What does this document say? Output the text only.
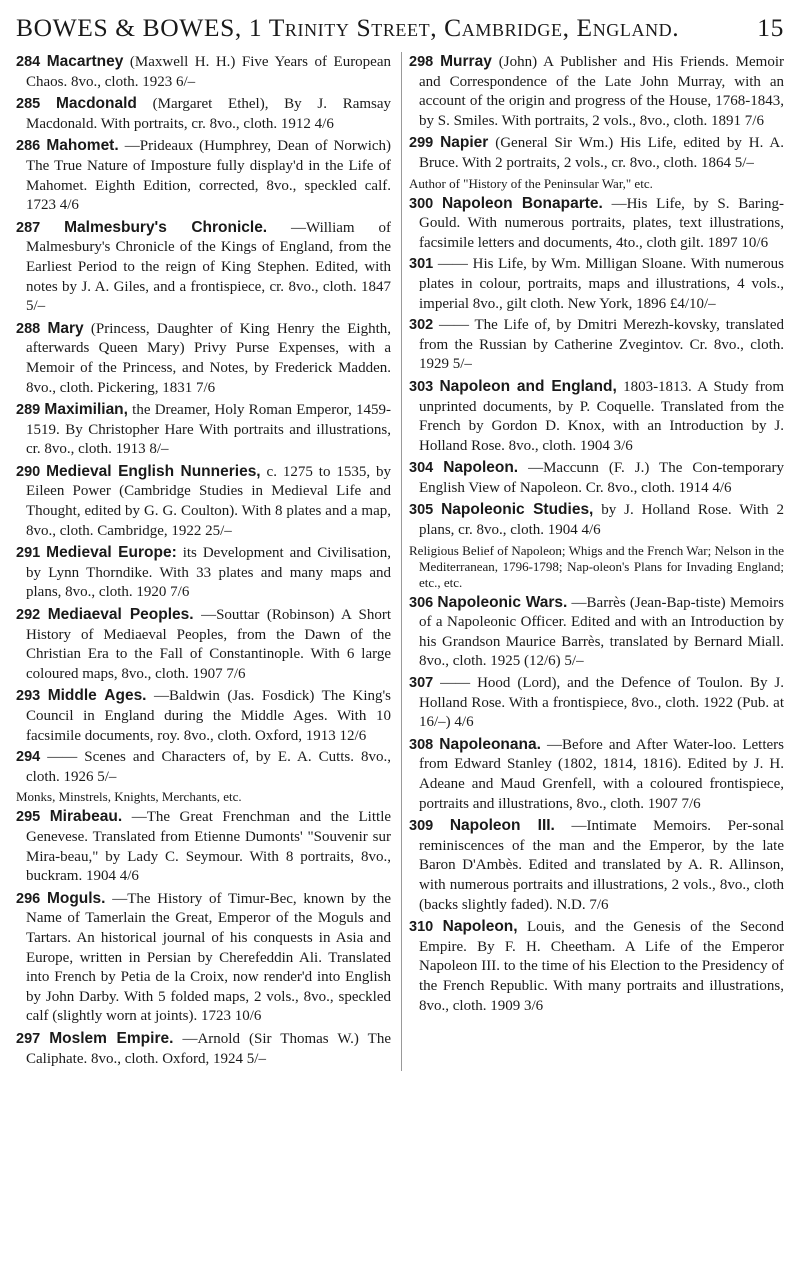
BOWES & BOWES, 1 Trinity Street, Cambridge, England.	15

284 Macartney (Maxwell H. H.) Five Years of European Chaos. 8vo., cloth. 1923 6/–

285 Macdonald (Margaret Ethel), By J. Ramsay Macdonald. With portraits, cr. 8vo., cloth. 1912 4/6

286 Mahomet. —Prideaux (Humphrey, Dean of Norwich) The True Nature of Imposture fully display'd in the Life of Mahomet. Eighth Edition, corrected, 8vo., speckled calf. 1723 4/6

287 Malmesbury's Chronicle. —William of Malmesbury's Chronicle of the Kings of England, from the Earliest Period to the reign of King Stephen. Edited, with notes by J. A. Giles, and a frontispiece, cr. 8vo., cloth. 1847 5/–

288 Mary (Princess, Daughter of King Henry the Eighth, afterwards Queen Mary) Privy Purse Expenses, with a Memoir of the Princess, and Notes, by Frederick Madden. 8vo., cloth. Pickering, 1831 7/6

289 Maximilian, the Dreamer, Holy Roman Emperor, 1459-1519. By Christopher Hare With portraits and illustrations, cr. 8vo., cloth. 1913 8/–

290 Medieval English Nunneries, c. 1275 to 1535, by Eileen Power (Cambridge Studies in Medieval Life and Thought, edited by G. G. Coulton). With 8 plates and a map, 8vo., cloth. Cambridge, 1922 25/–

291 Medieval Europe: its Development and Civilisation, by Lynn Thorndike. With 33 plates and many maps and plans, 8vo., cloth. 1920 7/6

292 Mediaeval Peoples. —Souttar (Robinson) A Short History of Mediaeval Peoples, from the Dawn of the Christian Era to the Fall of Constantinople. With 6 large coloured maps, 8vo., cloth. 1907 7/6

293 Middle Ages. —Baldwin (Jas. Fosdick) The King's Council in England during the Middle Ages. With 10 facsimile documents, roy. 8vo., cloth. Oxford, 1913 12/6

294 —— Scenes and Characters of, by E. A. Cutts. 8vo., cloth. 1926 5/–

Monks, Minstrels, Knights, Merchants, etc.

295 Mirabeau. —The Great Frenchman and the Little Genevese. Translated from Etienne Dumonts' "Souvenir sur Mira-beau," by Lady C. Seymour. With 8 portraits, 8vo., buckram. 1904 4/6

296 Moguls. —The History of Timur-Bec, known by the Name of Tamerlain the Great, Emperor of the Moguls and Tartars. An historical journal of his conquests in Asia and Europe, written in Persian by Cherefeddin Ali. Translated into French by Petia de la Croix, now render'd into English by John Darby. With 5 folded maps, 2 vols., 8vo., speckled calf (slightly worn at joints). 1723 10/6

297 Moslem Empire. —Arnold (Sir Thomas W.) The Caliphate. 8vo., cloth. Oxford, 1924 5/–

298 Murray (John) A Publisher and His Friends. Memoir and Correspondence of the Late John Murray, with an account of the origin and progress of the House, 1768-1843, by S. Smiles. With portraits, 2 vols., 8vo., cloth. 1891 7/6

299 Napier (General Sir Wm.) His Life, edited by H. A. Bruce. With 2 portraits, 2 vols., cr. 8vo., cloth. 1864 5/–

Author of "History of the Peninsular War," etc.

300 Napoleon Bonaparte. —His Life, by S. Baring-Gould. With numerous portraits, plates, text illustrations, facsimile letters and documents, 4to., cloth gilt. 1897 10/6

301 —— His Life, by Wm. Milligan Sloane. With numerous plates in colour, portraits, maps and illustrations, 4 vols., imperial 8vo., gilt cloth. New York, 1896 £4/10/–

302 —— The Life of, by Dmitri Merezh-kovsky, translated from the Russian by Catherine Zvegintov. Cr. 8vo., cloth. 1929 5/–

303 Napoleon and England, 1803-1813. A Study from unprinted documents, by P. Coquelle. Translated from the French by Gordon D. Knox, with an Introduction by J. Holland Rose. 8vo., cloth. 1904 3/6

304 Napoleon. —Maccunn (F. J.) The Con-temporary English View of Napoleon. Cr. 8vo., cloth. 1914 4/6

305 Napoleonic Studies, by J. Holland Rose. With 2 plans, cr. 8vo., cloth. 1904 4/6

Religious Belief of Napoleon; Whigs and the French War; Nelson in the Mediterranean, 1796-1798; Nap-oleon's Plans for Invading England; etc., etc.

306 Napoleonic Wars. —Barrès (Jean-Bap-tiste) Memoirs of a Napoleonic Officer. Edited and with an Introduction by his Grandson Maurice Barrès, translated by Bernard Miall. 8vo., cloth. 1925 (12/6) 5/–

307 —— Hood (Lord), and the Defence of Toulon. By J. Holland Rose. With a frontispiece, 8vo., cloth. 1922 (Pub. at 16/–) 4/6

308 Napoleonana. —Before and After Water-loo. Letters from Edward Stanley (1802, 1814, 1816). Edited by J. H. Adeane and Maud Grenfell, with a coloured frontispiece, portraits and illustrations, 8vo., cloth. 1907 7/6

309 Napoleon III. —Intimate Memoirs. Per-sonal reminiscences of the man and the Emperor, by the late Baron D'Ambès. Edited and translated by A. R. Allinson, with numerous portraits and illustrations, 2 vols., 8vo., cloth (backs slightly faded). N.D. 7/6

310 Napoleon, Louis, and the Genesis of the Second Empire. By F. H. Cheetham. A Life of the Emperor Napoleon III. to the time of his Election to the Presidency of the French Republic. With many portraits and illustrations, 8vo., cloth. 1909 3/6
